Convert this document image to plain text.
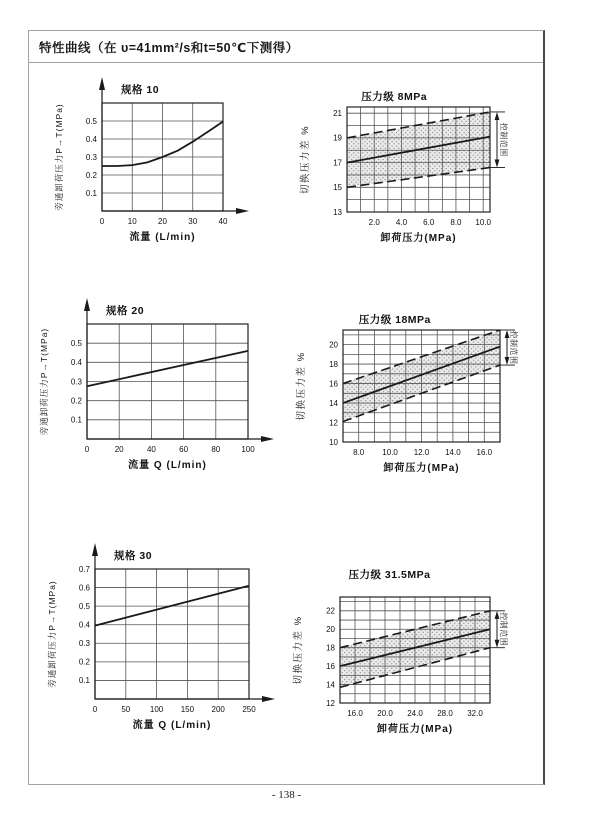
特性曲线（在 υ=41mm²/s和t=50℃下测得）
0	10	20	30	40
0.1
0.2
0.3
0.4
0.5
规格 10
流量 (L/min)
旁通卸荷压力P→T(MPa)
2.0 4.0 6.0 8.0 10.0
13
15
17
19
21
压力级 8MPa
卸荷压力(MPa)
切换压力差 %	控制范围
0	20	40	60	80	100
0.1
0.2
0.3
0.4
0.5
规格 20
流量 Q (L/min)
旁通卸荷压力P→T(MPa)
8.0 10.0 12.0 14.0 16.0
10
12
14
16
18
20
压力级 18MPa
卸荷压力(MPa)
切换压力差 %
控制范围
0	50 100 150 200 250
0.1
0.2
0.3
0.4
0.5
0.6
0.7
规格 30
流量 Q (L/min)
旁通卸荷压力P→T(MPa)
16.0 20.0 24.0 28.0 32.0
12
14
16
18
20
22
压力级 31.5MPa
卸荷压力(MPa)
切换压力差 %	控制范围
- 138 -
